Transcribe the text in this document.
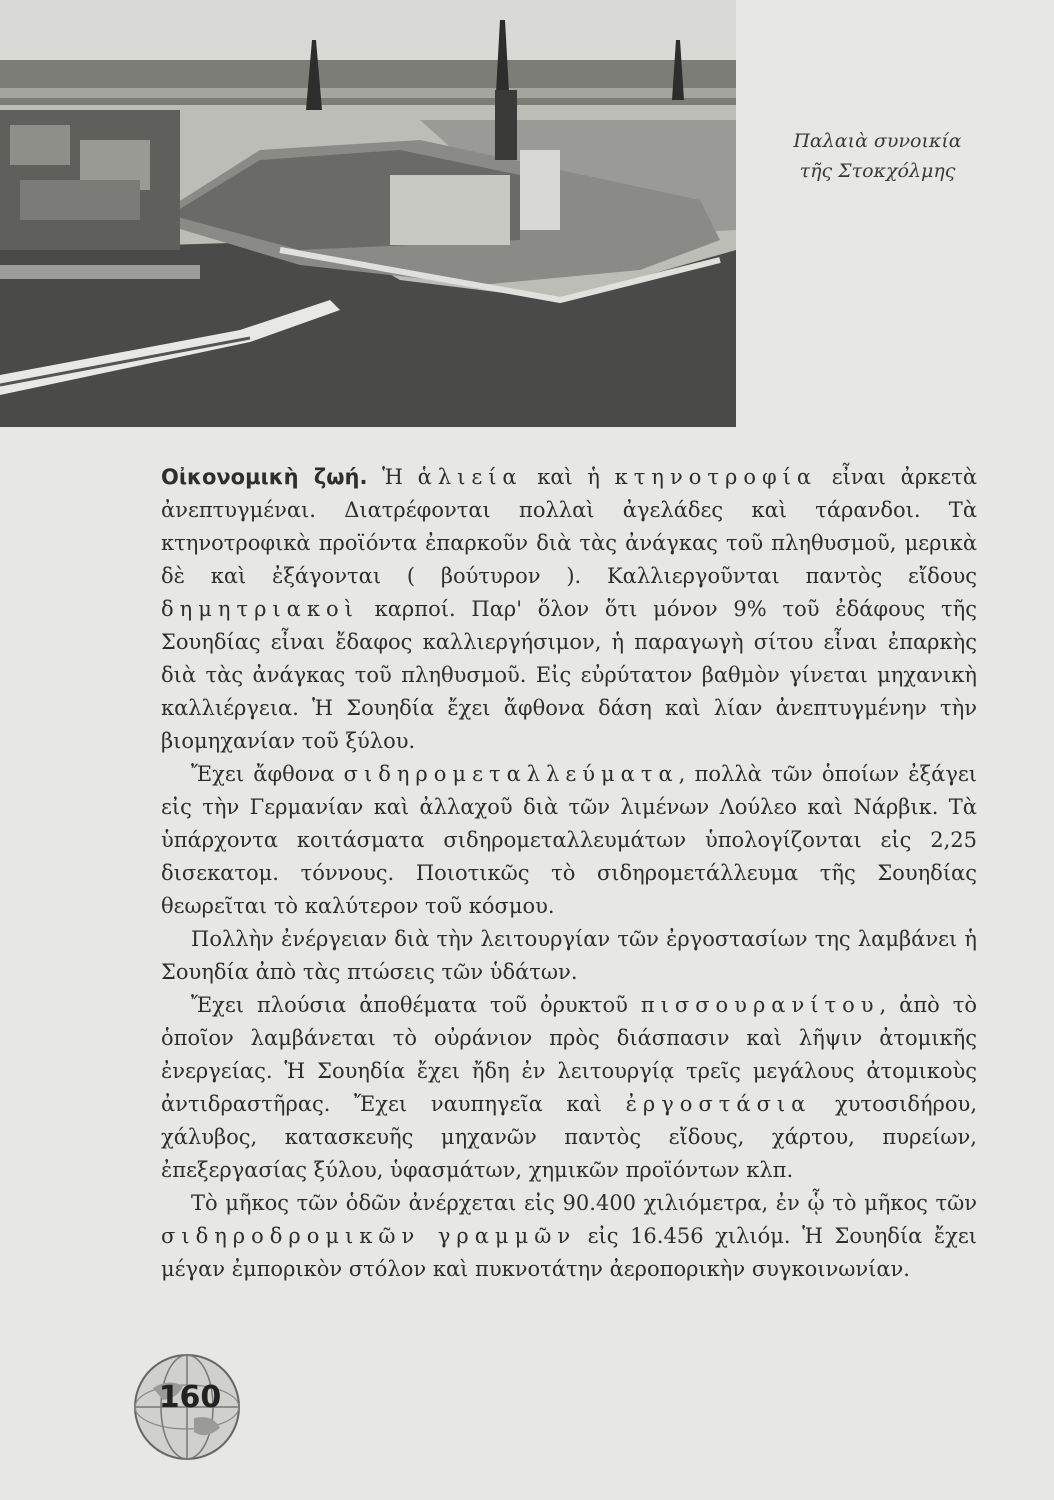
Παλαιὰ συνοικία
τῆς Στοκχόλμης

Οἰκονομικὴ ζωή. Ἡ ἁλιεία καὶ ἡ κτηνοτροφία εἶναι ἀρκετὰ ἀνεπτυγμέναι. Διατρέφονται πολλαὶ ἀγελάδες καὶ τάρανδοι. Τὰ κτηνοτροφικὰ προϊόντα ἐπαρκοῦν διὰ τὰς ἀνάγκας τοῦ πληθυσμοῦ, μερικὰ δὲ καὶ ἐξάγονται ( βούτυρον ). Καλλιεργοῦνται παντὸς εἴδους δημητριακοὶ καρποί. Παρ' ὅλον ὅτι μόνον 9% τοῦ ἐδάφους τῆς Σουηδίας εἶναι ἔδαφος καλλιεργήσιμον, ἡ παραγωγὴ σίτου εἶναι ἐπαρκὴς διὰ τὰς ἀνάγκας τοῦ πληθυσμοῦ. Εἰς εὐρύτατον βαθμὸν γίνεται μηχανικὴ καλλιέργεια. Ἡ Σουηδία ἔχει ἄφθονα δάση καὶ λίαν ἀνεπτυγμένην τὴν βιομηχανίαν τοῦ ξύλου.

Ἔχει ἄφθονα σιδηρομεταλλεύματα, πολλὰ τῶν ὁποίων ἐξάγει εἰς τὴν Γερμανίαν καὶ ἀλλαχοῦ διὰ τῶν λιμένων Λούλεο καὶ Νάρβικ. Τὰ ὑπάρχοντα κοιτάσματα σιδηρομεταλλευμάτων ὑπολογίζονται εἰς 2,25 δισεκατομ. τόννους. Ποιοτικῶς τὸ σιδηρομετάλλευμα τῆς Σουηδίας θεωρεῖται τὸ καλύτερον τοῦ κόσμου.

Πολλὴν ἐνέργειαν διὰ τὴν λειτουργίαν τῶν ἐργοστασίων της λαμβάνει ἡ Σουηδία ἀπὸ τὰς πτώσεις τῶν ὑδάτων.

Ἔχει πλούσια ἀποθέματα τοῦ ὀρυκτοῦ πισσουρανίτου, ἀπὸ τὸ ὁποῖον λαμβάνεται τὸ οὐράνιον πρὸς διάσπασιν καὶ λῆψιν ἀτομικῆς ἐνεργείας. Ἡ Σουηδία ἔχει ἤδη ἐν λειτουργίᾳ τρεῖς μεγάλους ἀτομικοὺς ἀντιδραστῆρας. Ἔχει ναυπηγεῖα καὶ ἐργοστάσια χυτοσιδήρου, χάλυβος, κατασκευῆς μηχανῶν παντὸς εἴδους, χάρτου, πυρείων, ἐπεξεργασίας ξύλου, ὑφασμάτων, χημικῶν προϊόντων κλπ.

Τὸ μῆκος τῶν ὁδῶν ἀνέρχεται εἰς 90.400 χιλιόμετρα, ἐν ᾧ τὸ μῆκος τῶν σιδηροδρομικῶν γραμμῶν εἰς 16.456 χιλιόμ. Ἡ Σουηδία ἔχει μέγαν ἐμπορικὸν στόλον καὶ πυκνοτάτην ἀεροπορικὴν συγκοινωνίαν.

160
